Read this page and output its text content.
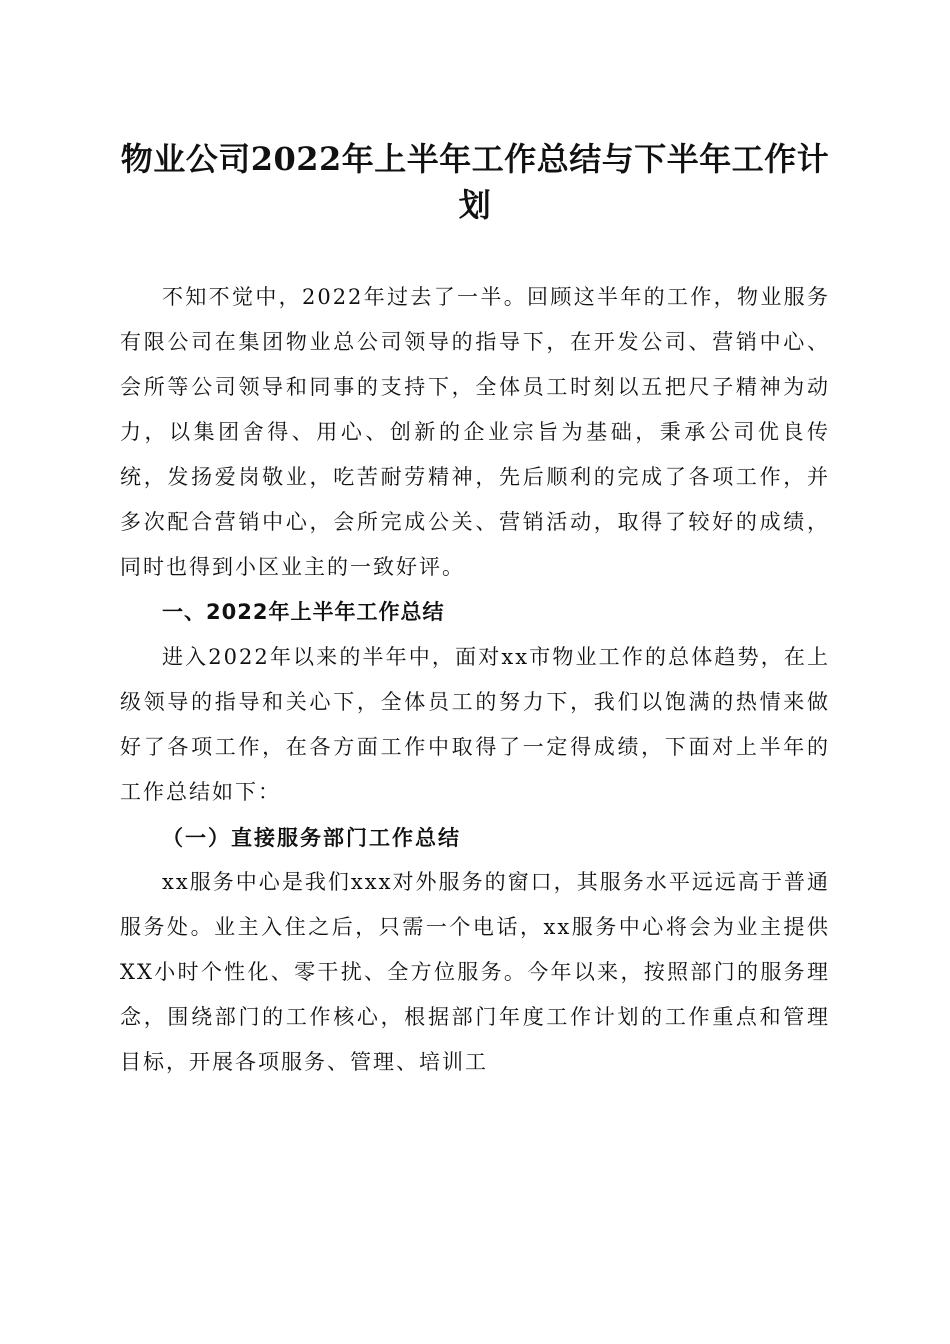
物业公司2022年上半年工作总结与下半年工作计划

不知不觉中，2022年过去了一半。回顾这半年的工作，物业服务有限公司在集团物业总公司领导的指导下，在开发公司、营销中心、会所等公司领导和同事的支持下，全体员工时刻以五把尺子精神为动力，以集团舍得、用心、创新的企业宗旨为基础，秉承公司优良传统，发扬爱岗敬业，吃苦耐劳精神，先后顺利的完成了各项工作，并多次配合营销中心，会所完成公关、营销活动，取得了较好的成绩，同时也得到小区业主的一致好评。

一、2022年上半年工作总结

进入2022年以来的半年中，面对xx市物业工作的总体趋势，在上级领导的指导和关心下，全体员工的努力下，我们以饱满的热情来做好了各项工作，在各方面工作中取得了一定得成绩，下面对上半年的工作总结如下：

（一）直接服务部门工作总结

xx服务中心是我们xxx对外服务的窗口，其服务水平远远高于普通服务处。业主入住之后，只需一个电话，xx服务中心将会为业主提供XX小时个性化、零干扰、全方位服务。今年以来，按照部门的服务理念，围绕部门的工作核心，根据部门年度工作计划的工作重点和管理目标，开展各项服务、管理、培训工
